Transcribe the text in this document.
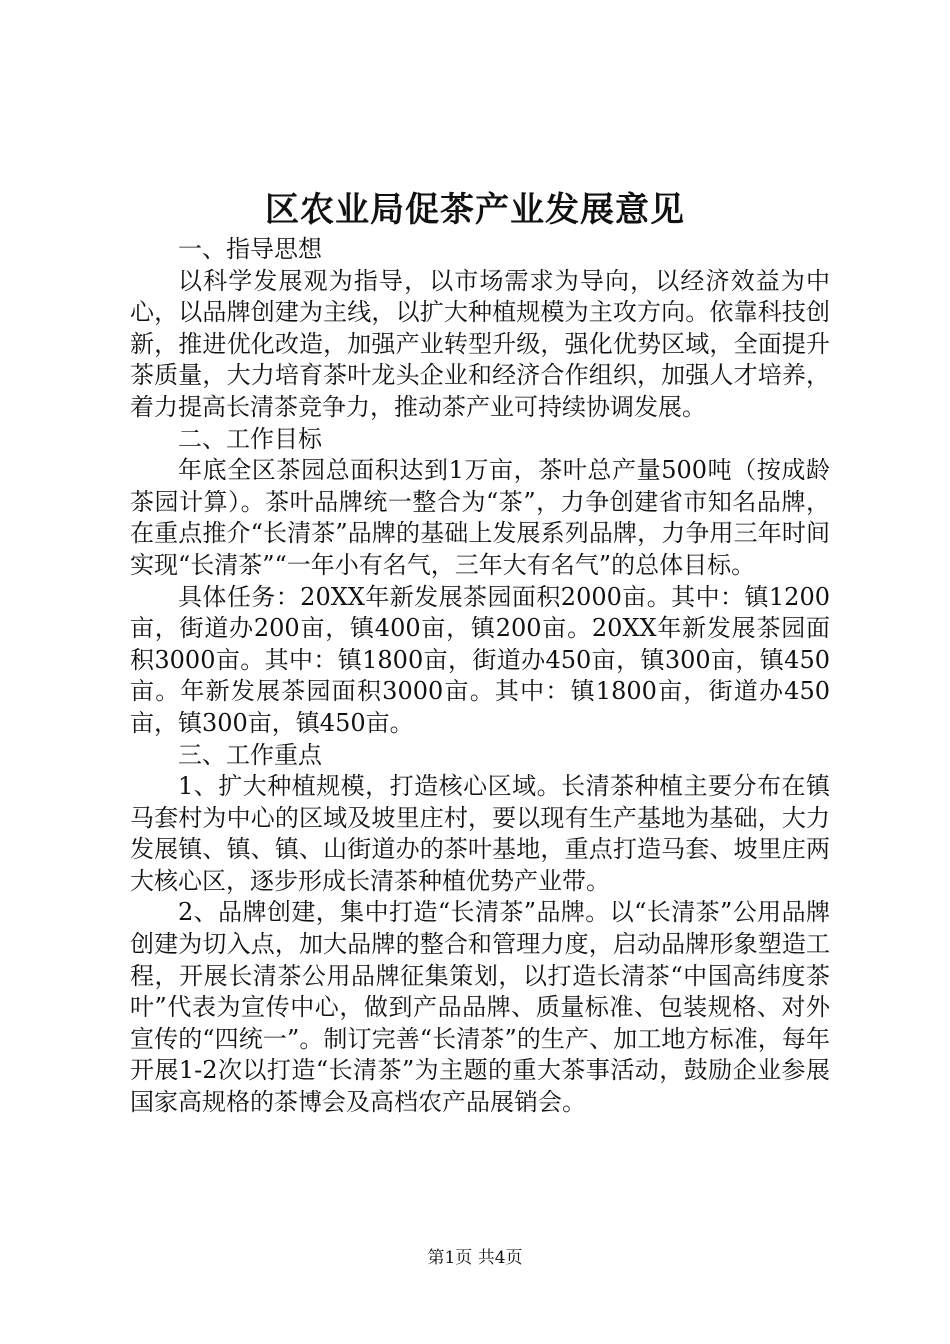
区农业局促茶产业发展意见

一、指导思想

以科学发展观为指导，以市场需求为导向，以经济效益为中心，以品牌创建为主线，以扩大种植规模为主攻方向。依靠科技创新，推进优化改造，加强产业转型升级，强化优势区域，全面提升茶质量，大力培育茶叶龙头企业和经济合作组织，加强人才培养，着力提高长清茶竞争力，推动茶产业可持续协调发展。

二、工作目标

年底全区茶园总面积达到1万亩，茶叶总产量500吨（按成龄茶园计算）。茶叶品牌统一整合为“茶”，力争创建省市知名品牌，在重点推介“长清茶”品牌的基础上发展系列品牌，力争用三年时间实现“长清茶”“一年小有名气，三年大有名气”的总体目标。

具体任务：20XX年新发展茶园面积2000亩。其中：镇1200亩，街道办200亩，镇400亩，镇200亩。20XX年新发展茶园面积3000亩。其中：镇1800亩，街道办450亩，镇300亩，镇450亩。年新发展茶园面积3000亩。其中：镇1800亩，街道办450亩，镇300亩，镇450亩。

三、工作重点

1、扩大种植规模，打造核心区域。长清茶种植主要分布在镇马套村为中心的区域及坡里庄村，要以现有生产基地为基础，大力发展镇、镇、镇、山街道办的茶叶基地，重点打造马套、坡里庄两大核心区，逐步形成长清茶种植优势产业带。

2、品牌创建，集中打造“长清茶”品牌。以“长清茶”公用品牌创建为切入点，加大品牌的整合和管理力度，启动品牌形象塑造工程，开展长清茶公用品牌征集策划，以打造长清茶“中国高纬度茶叶”代表为宣传中心，做到产品品牌、质量标准、包装规格、对外宣传的“四统一”。制订完善“长清茶”的生产、加工地方标准，每年开展1-2次以打造“长清茶”为主题的重大茶事活动，鼓励企业参展国家高规格的茶博会及高档农产品展销会。

第1页 共4页
